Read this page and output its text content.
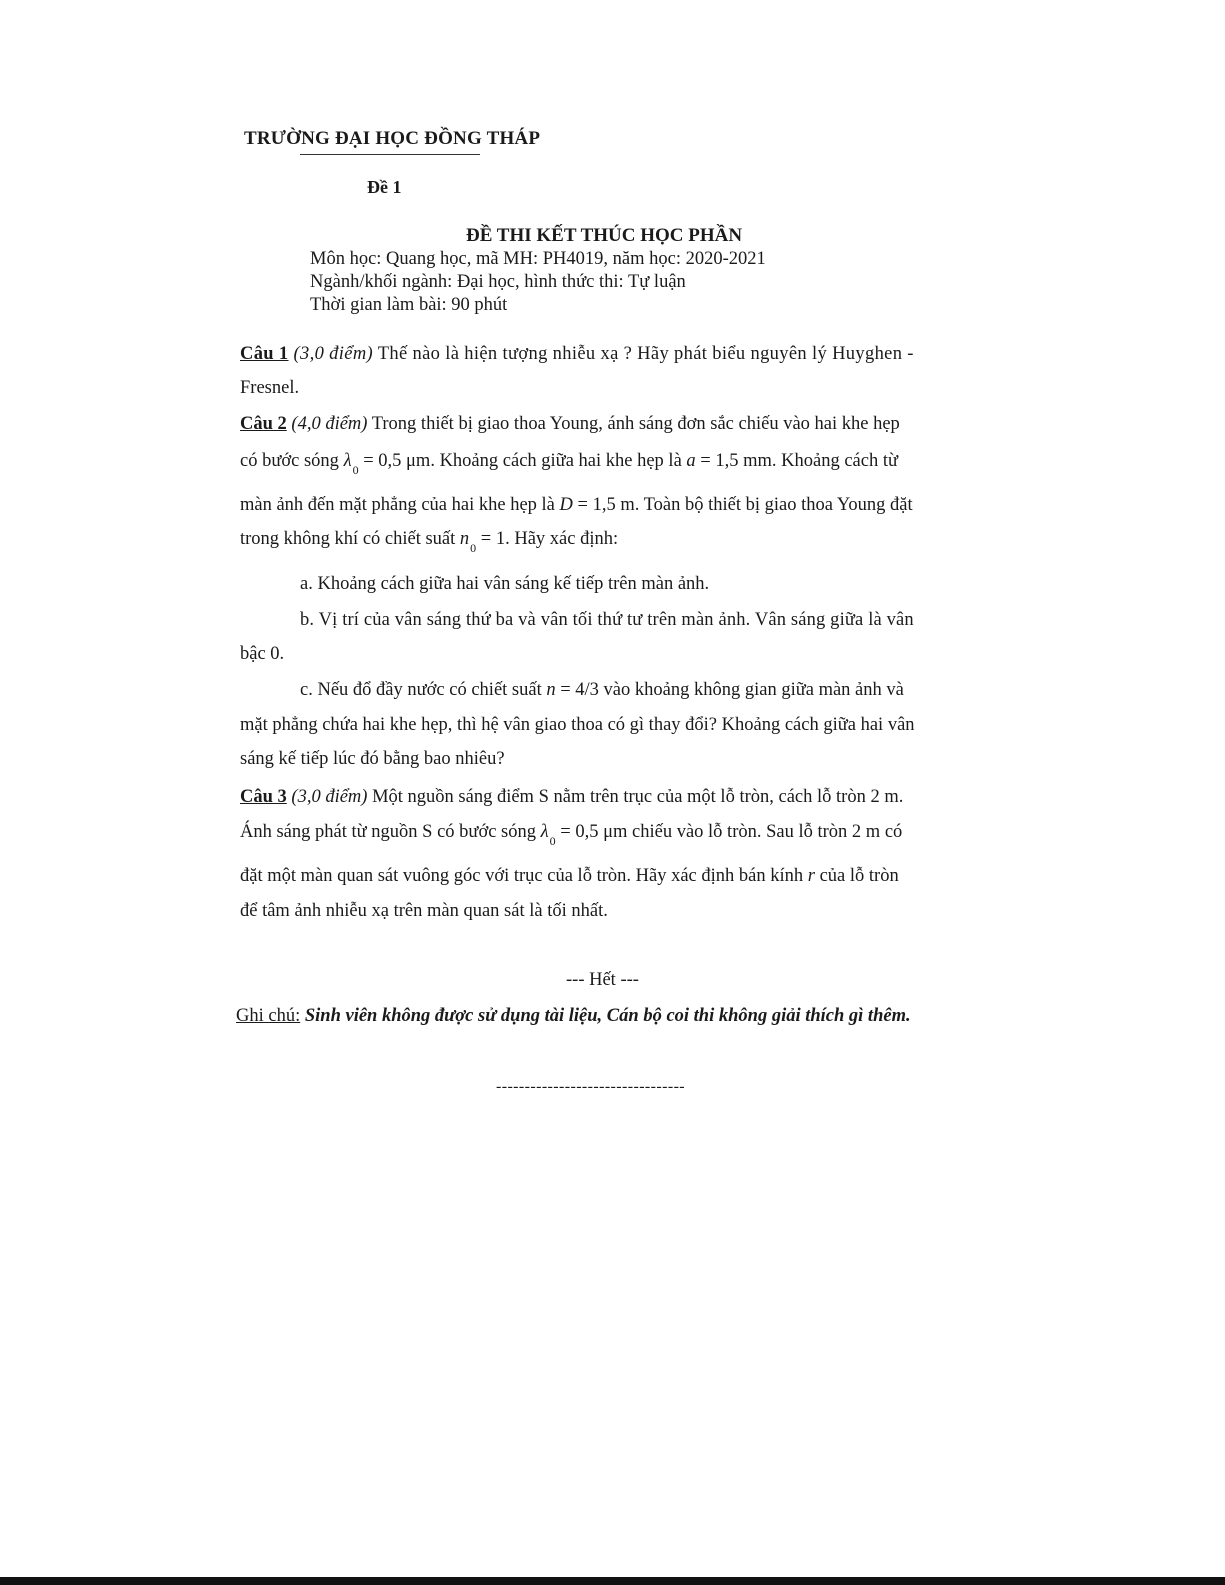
TRƯỜNG ĐẠI HỌC ĐỒNG THÁP
Đề 1
ĐỀ THI KẾT THÚC HỌC PHẦN
Môn học: Quang học, mã MH: PH4019, năm học: 2020-2021
Ngành/khối ngành: Đại học, hình thức thi: Tự luận
Thời gian làm bài: 90 phút
Câu 1 (3,0 điểm) Thế nào là hiện tượng nhiễu xạ ? Hãy phát biểu nguyên lý Huyghen -
Fresnel.
Câu 2 (4,0 điểm) Trong thiết bị giao thoa Young, ánh sáng đơn sắc chiếu vào hai khe hẹp
có bước sóng $\lambda_0 = 0,5$ μm. Khoảng cách giữa hai khe hẹp là a = 1,5 mm. Khoảng cách từ
màn ảnh đến mặt phẳng của hai khe hẹp là D = 1,5 m. Toàn bộ thiết bị giao thoa Young đặt
trong không khí có chiết suất $n_0 = 1$. Hãy xác định:
a. Khoảng cách giữa hai vân sáng kế tiếp trên màn ảnh.
b. Vị trí của vân sáng thứ ba và vân tối thứ tư trên màn ảnh. Vân sáng giữa là vân
bậc 0.
c. Nếu đổ đầy nước có chiết suất n = 4/3 vào khoảng không gian giữa màn ảnh và
mặt phẳng chứa hai khe hẹp, thì hệ vân giao thoa có gì thay đổi? Khoảng cách giữa hai vân
sáng kế tiếp lúc đó bằng bao nhiêu?
Câu 3 (3,0 điểm) Một nguồn sáng điểm S nằm trên trục của một lỗ tròn, cách lỗ tròn 2 m.
Ánh sáng phát từ nguồn S có bước sóng $\lambda_0 = 0,5$ μm chiếu vào lỗ tròn. Sau lỗ tròn 2 m có
đặt một màn quan sát vuông góc với trục của lỗ tròn. Hãy xác định bán kính r của lỗ tròn
để tâm ảnh nhiễu xạ trên màn quan sát là tối nhất.
--- Hết ---
Ghi chú: Sinh viên không được sử dụng tài liệu, Cán bộ coi thi không giải thích gì thêm.
---------------------------------
